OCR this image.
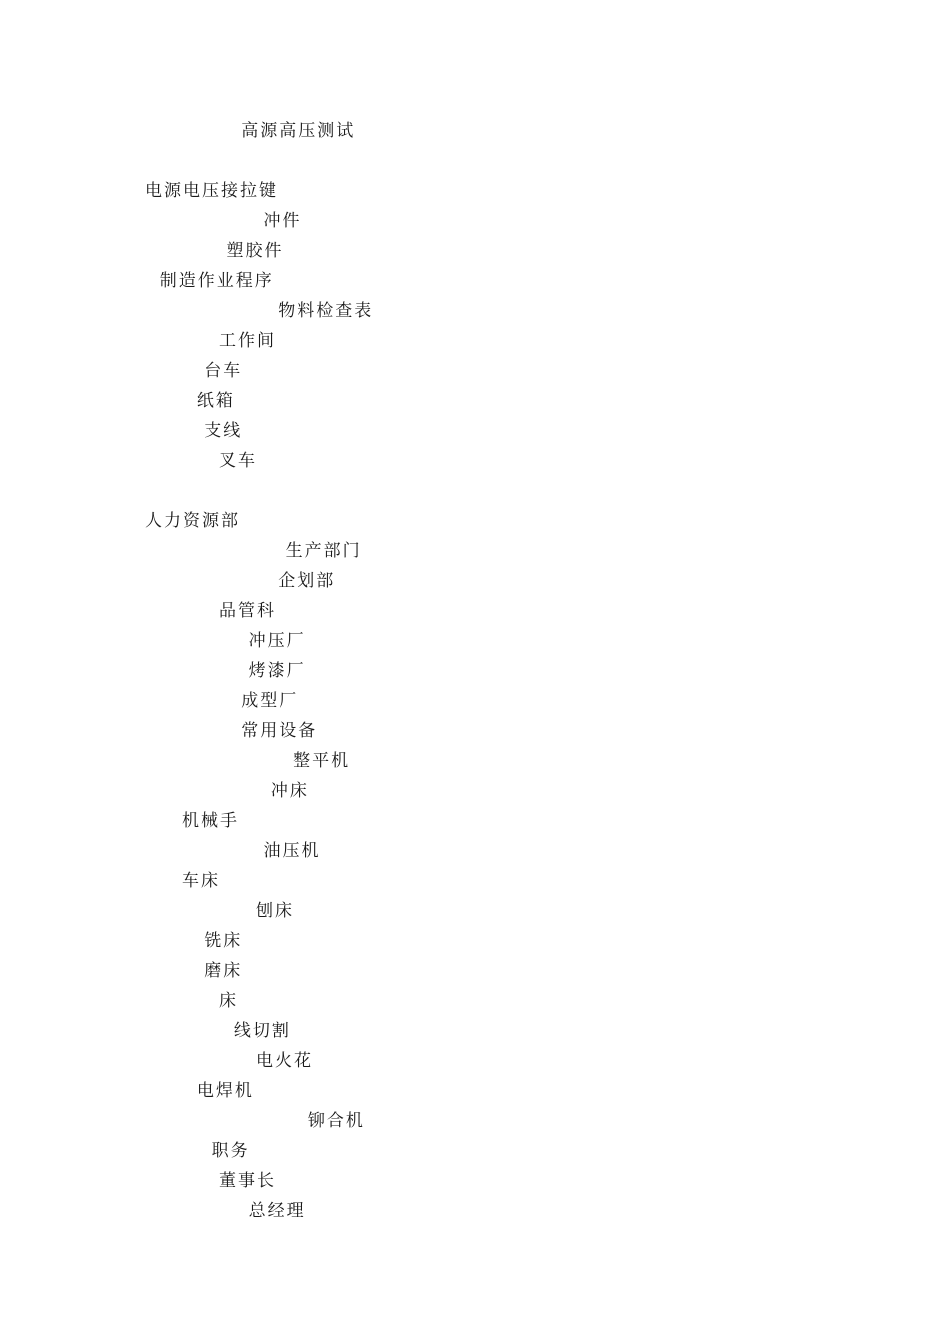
高源高压测试

电源电压接拉键
冲件
塑胶件
制造作业程序
物料检查表
工作间
台车
纸箱
支线
叉车

人力资源部
生产部门
企划部
品管科
冲压厂
烤漆厂
成型厂
常用设备
整平机
冲床
机械手
油压机
车床
刨床
铣床
磨床
床
线切割
电火花
电焊机
铆合机
职务
董事长
总经理
